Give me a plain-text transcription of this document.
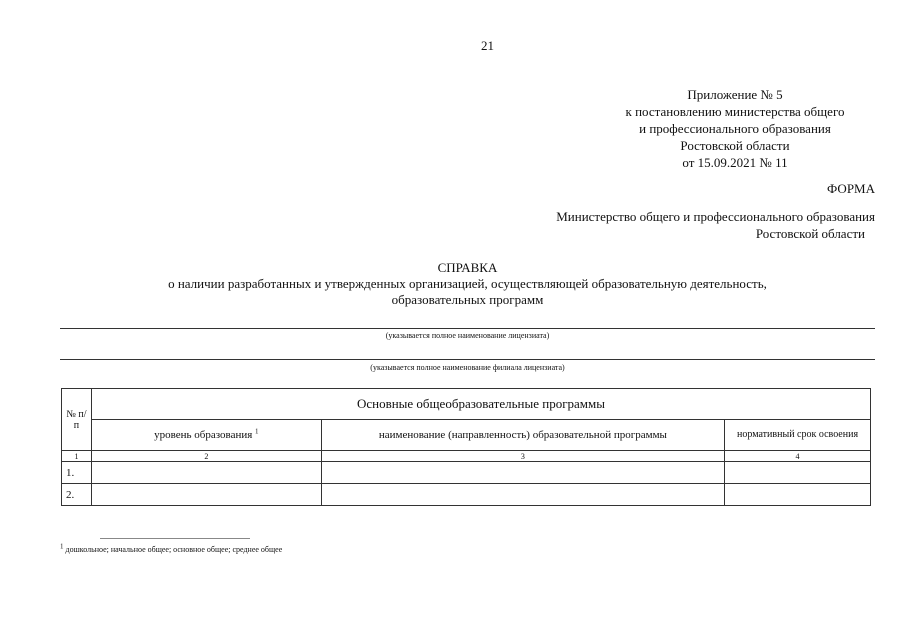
21
Приложение № 5
к постановлению министерства общего
и профессионального образования
Ростовской области
от 15.09.2021 № 11
ФОРМА
Министерство общего и профессионального образования
Ростовской области
СПРАВКА
о наличии разработанных и утвержденных организацией, осуществляющей образовательную деятельность,
образовательных программ
(указывается полное наименование лицензиата)
(указывается полное наименование филиала лицензиата)
№ п/п	Основные общеобразовательные программы		
	уровень образования $^1$	наименование (направленность) образовательной программы	нормативный срок освоения
1	2	3	4
1.			
2.			
$^1$ дошкольное; начальное общее; основное общее; среднее общее
